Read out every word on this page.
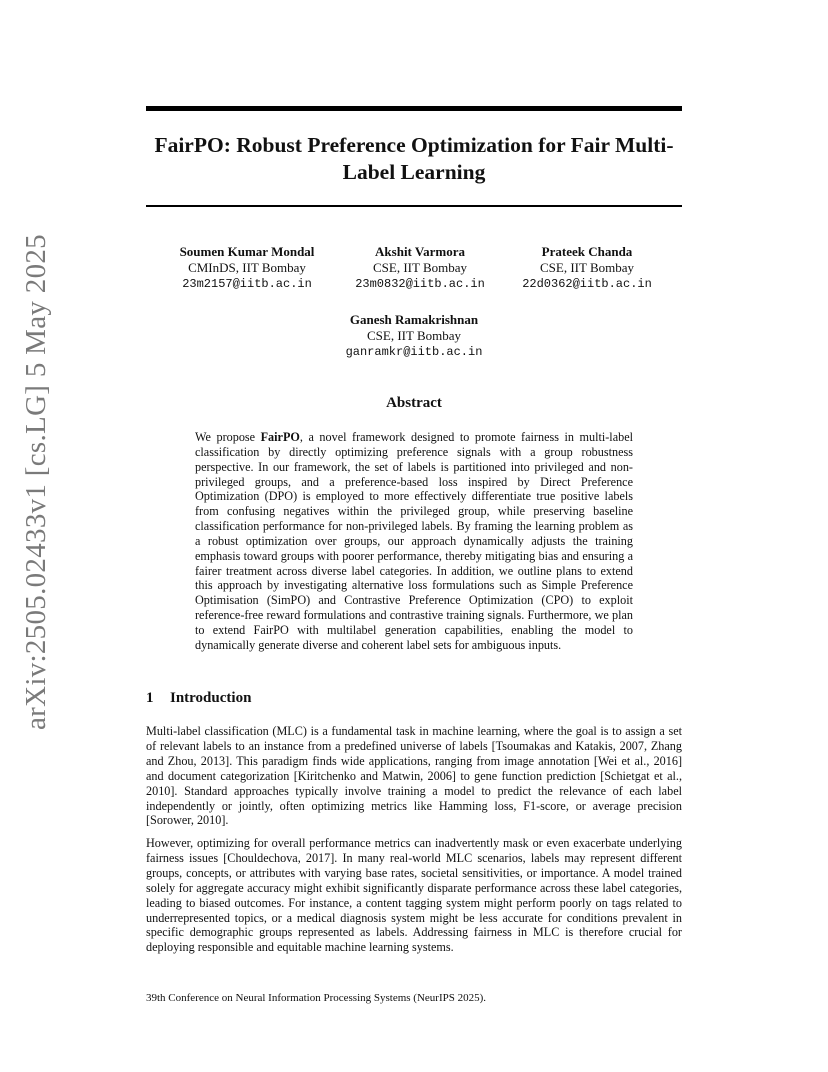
arXiv:2505.02433v1 [cs.LG] 5 May 2025
FairPO: Robust Preference Optimization for Fair Multi-Label Learning
Soumen Kumar Mondal
CMInDS, IIT Bombay
23m2157@iitb.ac.in
Akshit Varmora
CSE, IIT Bombay
23m0832@iitb.ac.in
Prateek Chanda
CSE, IIT Bombay
22d0362@iitb.ac.in
Ganesh Ramakrishnan
CSE, IIT Bombay
ganramkr@iitb.ac.in
Abstract

We propose FairPO, a novel framework designed to promote fairness in multi-label classification by directly optimizing preference signals with a group robustness perspective. In our framework, the set of labels is partitioned into privileged and non-privileged groups, and a preference-based loss inspired by Direct Preference Optimization (DPO) is employed to more effectively differentiate true positive labels from confusing negatives within the privileged group, while preserving baseline classification performance for non-privileged labels. By framing the learning problem as a robust optimization over groups, our approach dynamically adjusts the training emphasis toward groups with poorer performance, thereby mitigating bias and ensuring a fairer treatment across diverse label categories. In addition, we outline plans to extend this approach by investigating alternative loss formulations such as Simple Preference Optimisation (SimPO) and Contrastive Preference Optimization (CPO) to exploit reference-free reward formulations and contrastive training signals. Furthermore, we plan to extend FairPO with multilabel generation capabilities, enabling the model to dynamically generate diverse and coherent label sets for ambiguous inputs.

1 Introduction

Multi-label classification (MLC) is a fundamental task in machine learning, where the goal is to assign a set of relevant labels to an instance from a predefined universe of labels [Tsoumakas and Katakis, 2007, Zhang and Zhou, 2013]. This paradigm finds wide applications, ranging from image annotation [Wei et al., 2016] and document categorization [Kiritchenko and Matwin, 2006] to gene function prediction [Schietgat et al., 2010]. Standard approaches typically involve training a model to predict the relevance of each label independently or jointly, often optimizing metrics like Hamming loss, F1-score, or average precision [Sorower, 2010].

However, optimizing for overall performance metrics can inadvertently mask or even exacerbate underlying fairness issues [Chouldechova, 2017]. In many real-world MLC scenarios, labels may represent different groups, concepts, or attributes with varying base rates, societal sensitivities, or importance. A model trained solely for aggregate accuracy might exhibit significantly disparate performance across these label categories, leading to biased outcomes. For instance, a content tagging system might perform poorly on tags related to underrepresented topics, or a medical diagnosis system might be less accurate for conditions prevalent in specific demographic groups represented as labels. Addressing fairness in MLC is therefore crucial for deploying responsible and equitable machine learning systems.

39th Conference on Neural Information Processing Systems (NeurIPS 2025).
